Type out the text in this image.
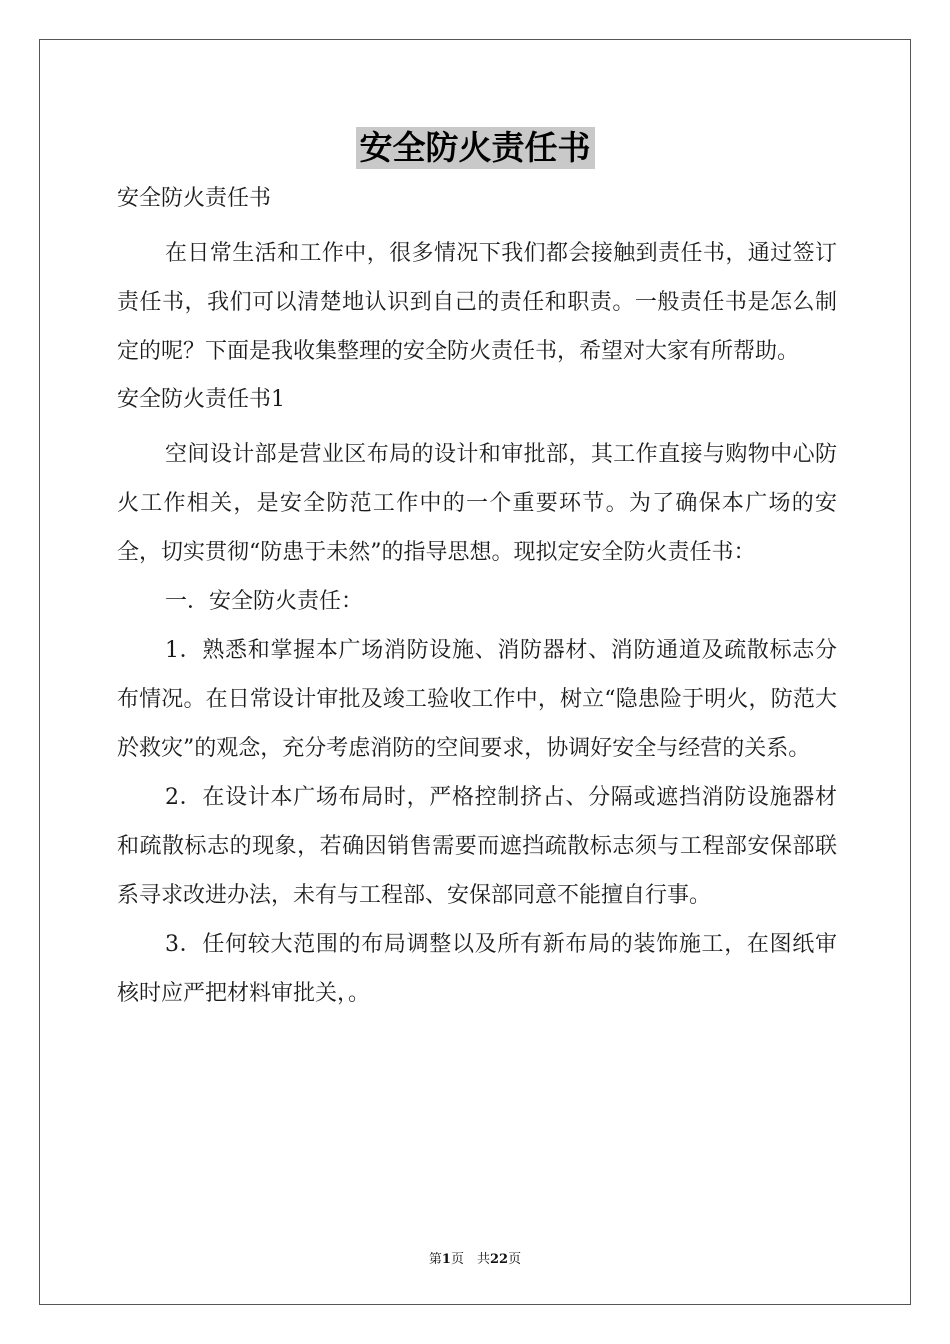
安全防火责任书

安全防火责任书

在日常生活和工作中，很多情况下我们都会接触到责任书，通过签订责任书，我们可以清楚地认识到自己的责任和职责。一般责任书是怎么制定的呢？下面是我收集整理的安全防火责任书，希望对大家有所帮助。

安全防火责任书1

空间设计部是营业区布局的设计和审批部，其工作直接与购物中心防火工作相关，是安全防范工作中的一个重要环节。为了确保本广场的安全，切实贯彻“防患于未然”的指导思想。现拟定安全防火责任书：

一．安全防火责任：

1．熟悉和掌握本广场消防设施、消防器材、消防通道及疏散标志分布情况。在日常设计审批及竣工验收工作中，树立“隐患险于明火，防范大於救灾”的观念，充分考虑消防的空间要求，协调好安全与经营的关系。

2．在设计本广场布局时，严格控制挤占、分隔或遮挡消防设施器材和疏散标志的现象，若确因销售需要而遮挡疏散标志须与工程部安保部联系寻求改进办法，未有与工程部、安保部同意不能擅自行事。

3．任何较大范围的布局调整以及所有新布局的装饰施工，在图纸审核时应严把材料审批关，。

第1页　共22页
